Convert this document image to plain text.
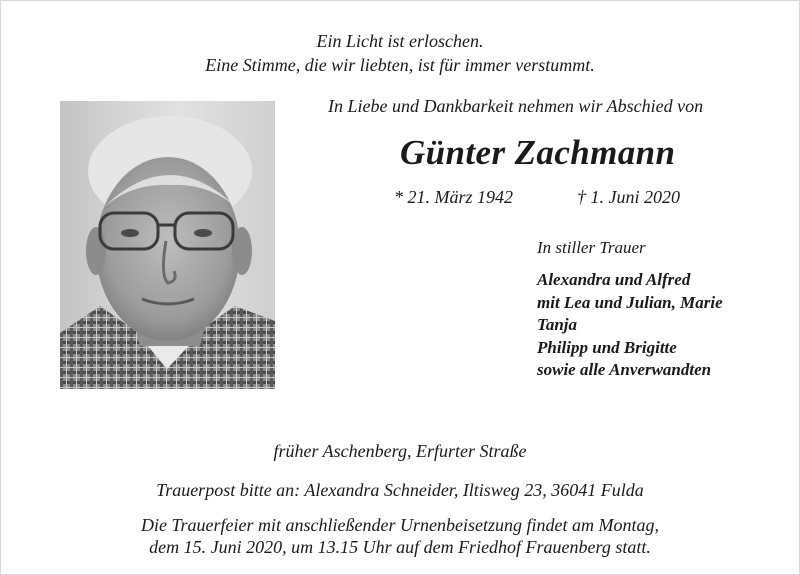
Ein Licht ist erloschen.
Eine Stimme, die wir liebten, ist für immer verstummt.
In Liebe und Dankbarkeit nehmen wir Abschied von
Günter Zachmann
* 21. März 1942	† 1. Juni 2020
In stiller Trauer
Alexandra und Alfred
mit Lea und Julian, Marie
Tanja
Philipp und Brigitte
sowie alle Anverwandten
früher Aschenberg, Erfurter Straße
Trauerpost bitte an: Alexandra Schneider, Iltisweg 23, 36041 Fulda
Die Trauerfeier mit anschließender Urnenbeisetzung findet am Montag,
dem 15. Juni 2020, um 13.15 Uhr auf dem Friedhof Frauenberg statt.
